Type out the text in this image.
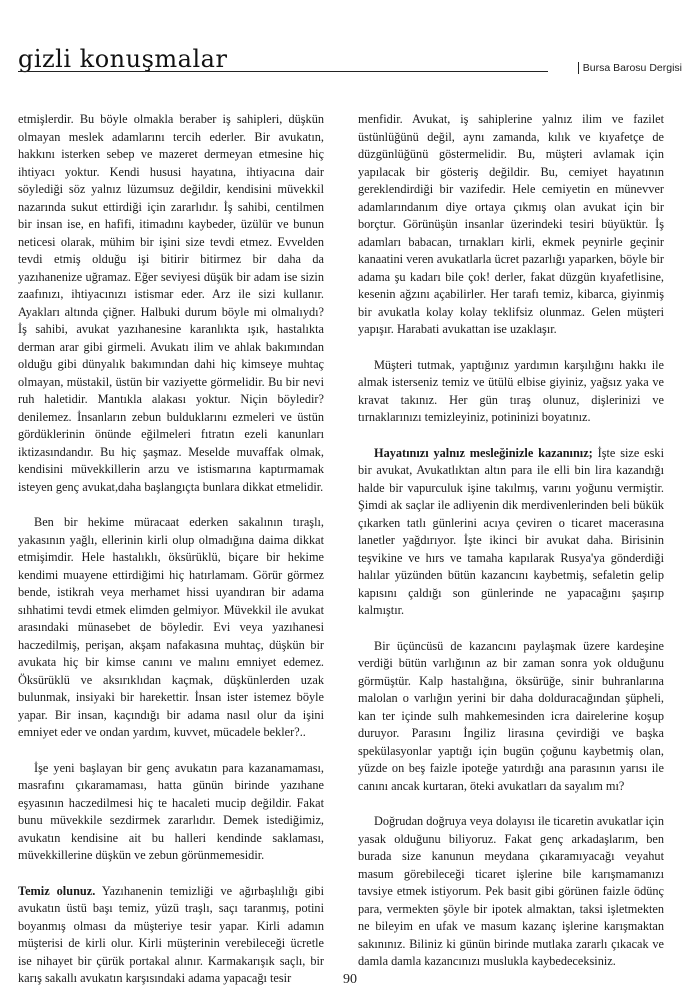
gizli konuşmalar	Bursa Barosu Dergisi

etmişlerdir. Bu böyle olmakla beraber iş sahipleri, düşkün olmayan meslek adamlarını tercih ederler. Bir avukatın, hakkını isterken sebep ve mazeret dermeyan etmesine hiç ihtiyacı yoktur. Kendi hususi hayatına, ihtiyacına dair söylediği söz yalnız lüzumsuz değildir, kendisini müvekkil nazarında sukut ettirdiği için zararlıdır. İş sahibi, centilmen bir insan ise, en hafifi, itimadını kaybeder, üzülür ve bunun neticesi olarak, mühim bir işini size tevdi etmez. Evvelden tevdi etmiş olduğu işi bitirir bitirmez bir daha da yazıhanenize uğramaz. Eğer seviyesi düşük bir adam ise sizin zaafınızı, ihtiyacınızı istismar eder. Arz ile sizi kullanır. Ayakları altında çiğner. Halbuki durum böyle mi olmalıydı? İş sahibi, avukat yazıhanesine karanlıkta ışık, hastalıkta derman arar gibi girmeli. Avukatı ilim ve ahlak bakımından olduğu gibi dünyalık bakımından dahi hiç kimseye muhtaç olmayan, müstakil, üstün bir vaziyette görmelidir. Bu bir nevi ruh haletidir. Mantıkla alakası yoktur. Niçin böyledir? denilemez. İnsanların zebun bulduklarını ezmeleri ve üstün gördüklerinin önünde eğilmeleri fıtratın ezeli kanunları iktizasındandır. Bu hiç şaşmaz. Meselde muvaffak olmak, kendisini müvekkillerin arzu ve istismarına kaptırmamak isteyen genç avukat,daha başlangıçta bunlara dikkat etmelidir.

Ben bir hekime müracaat ederken sakalının tıraşlı, yakasının yağlı, ellerinin kirli olup olmadığına daima dikkat etmişimdir. Hele hastalıklı, öksürüklü, biçare bir hekime kendimi muayene ettirdiğimi hiç hatırlamam. Görür görmez bende, istikrah veya merhamet hissi uyandıran bir adama sıhhatimi tevdi etmek elimden gelmiyor. Müvekkil ile avukat arasındaki münasebet de böyledir. Evi veya yazıhanesi haczedilmiş, perişan, akşam nafakasına muhtaç, düşkün bir avukata hiç bir kimse canını ve malını emniyet edemez. Öksürüklü ve aksırıklıdan kaçmak, düşkünlerden uzak bulunmak, insiyaki bir harekettir. İnsan ister istemez böyle yapar. Bir insan, kaçındığı bir adama nasıl olur da işini emniyet eder ve ondan yardım, kuvvet, mücadele bekler?..

İşe yeni başlayan bir genç avukatın para kazanamaması, masrafını çıkaramaması, hatta günün birinde yazıhane eşyasının haczedilmesi hiç te hacaleti mucip değildir. Fakat bunu müvekkile sezdirmek zararlıdır. Demek istediğimiz, avukatın kendisine ait bu halleri kendinde saklaması, müvekkillerine düşkün ve zebun görünmemesidir.

Temiz olunuz. Yazıhanenin temizliği ve ağırbaşlılığı gibi avukatın üstü başı temiz, yüzü traşlı, saçı taranmış, potini boyanmış olması da müşteriye tesir yapar. Kirli adamın müşterisi de kirli olur. Kirli müşterinin verebileceği ücretle ise nihayet bir çürük portakal alınır. Karmakarışık saçlı, bir karış sakallı avukatın karşısındaki adama yapacağı tesir

menfidir. Avukat, iş sahiplerine yalnız ilim ve fazilet üstünlüğünü değil, aynı zamanda, kılık ve kıyafetçe de düzgünlüğünü göstermelidir. Bu, müşteri avlamak için yapılacak bir gösteriş değildir. Bu, cemiyet hayatının gereklendirdiği bir vazifedir. Hele cemiyetin en münevver adamlarındanım diye ortaya çıkmış olan avukat için bir borçtur. Görünüşün insanlar üzerindeki tesiri büyüktür. İş adamları babacan, tırnakları kirli, ekmek peynirle geçinir kanaatini veren avukatlarla ücret pazarlığı yaparken, böyle bir adama şu kadarı bile çok! derler, fakat düzgün kıyafetlisine, kesenin ağzını açabilirler. Her tarafı temiz, kibarca, giyinmiş bir avukatla kolay kolay teklifsiz olunmaz. Gelen müşteri yapışır. Harabati avukattan ise uzaklaşır.

Müşteri tutmak, yaptığınız yardımın karşılığını hakkı ile almak isterseniz temiz ve ütülü elbise giyiniz, yağsız yaka ve kravat takınız. Her gün tıraş olunuz, dişlerinizi ve tırnaklarınızı temizleyiniz, potininizi boyatınız.

Hayatınızı yalnız mesleğinizle kazanınız; İşte size eski bir avukat, Avukatlıktan altın para ile elli bin lira kazandığı halde bir vapurculuk işine takılmış, varını yoğunu vermiştir. Şimdi ak saçlar ile adliyenin dik merdivenlerinden beli bükük çıkarken tatlı günlerini acıya çeviren o ticaret macerasına lanetler yağdırıyor. İşte ikinci bir avukat daha. Birisinin teşvikine ve hırs ve tamaha kapılarak Rusya'ya gönderdiği halılar yüzünden bütün kazancını kaybetmiş, sefaletin gelip kapısını çaldığı son günlerinde ne yapacağını şaşırıp kalmıştır.

Bir üçüncüsü de kazancını paylaşmak üzere kardeşine verdiği bütün varlığının az bir zaman sonra yok olduğunu görmüştür. Kalp hastalığına, öksürüğe, sinir buhranlarına malolan o varlığın yerini bir daha dolduracağından şüpheli, kan ter içinde sulh mahkemesinden icra dairelerine koşup duruyor. Parasını İngiliz lirasına çevirdiği ve başka spekülasyonlar yaptığı için bugün çoğunu kaybetmiş olan, yüzde on beş faizle ipoteğe yatırdığı ana parasının yarısı ile canını ancak kurtaran, öteki avukatları da sayalım mı?

Doğrudan doğruya veya dolayısı ile ticaretin avukatlar için yasak olduğunu biliyoruz. Fakat genç arkadaşlarım, ben burada size kanunun meydana çıkaramıyacağı veyahut masum görebileceği ticaret işlerine bile karışmamanızı tavsiye etmek istiyorum. Pek basit gibi görünen faizle ödünç para, vermekten şöyle bir ipotek almaktan, taksi işletmekten ne bileyim en ufak ve masum kazanç işlerine karışmaktan sakınınız. Biliniz ki günün birinde mutlaka zararlı çıkacak ve damla damla kazancınızı muslukla kaybedeceksiniz.

90
